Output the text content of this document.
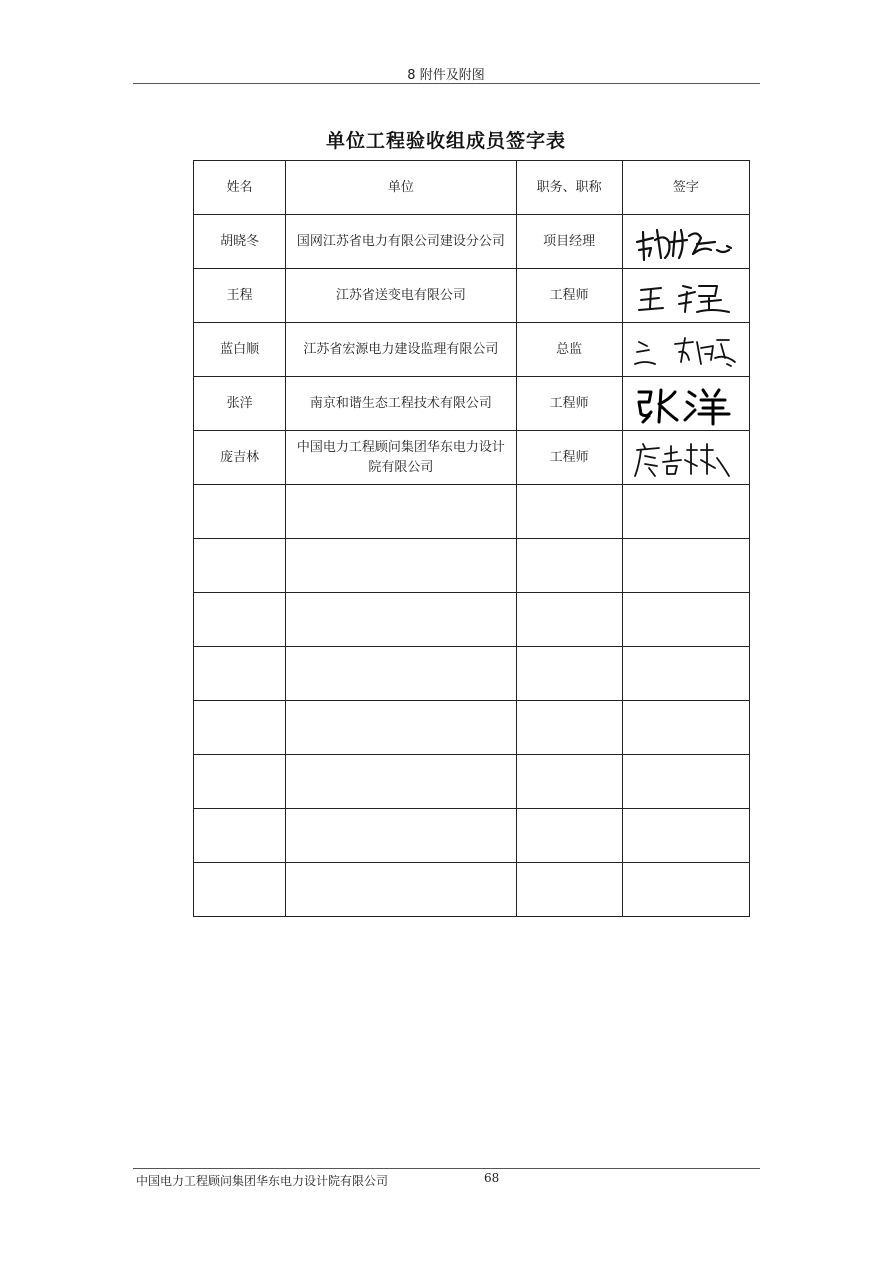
8 附件及附图
单位工程验收组成员签字表
姓名	单位	职务、职称	签字
胡晓冬	国网江苏省电力有限公司建设分公司	项目经理	

王程	江苏省送变电有限公司	工程师	

蓝白顺	江苏省宏源电力建设监理有限公司	总监	

张洋	南京和谐生态工程技术有限公司	工程师	

庞吉林	中国电力工程顾问集团华东电力设计院有限公司	工程师	

中国电力工程顾问集团华东电力设计院有限公司	68
